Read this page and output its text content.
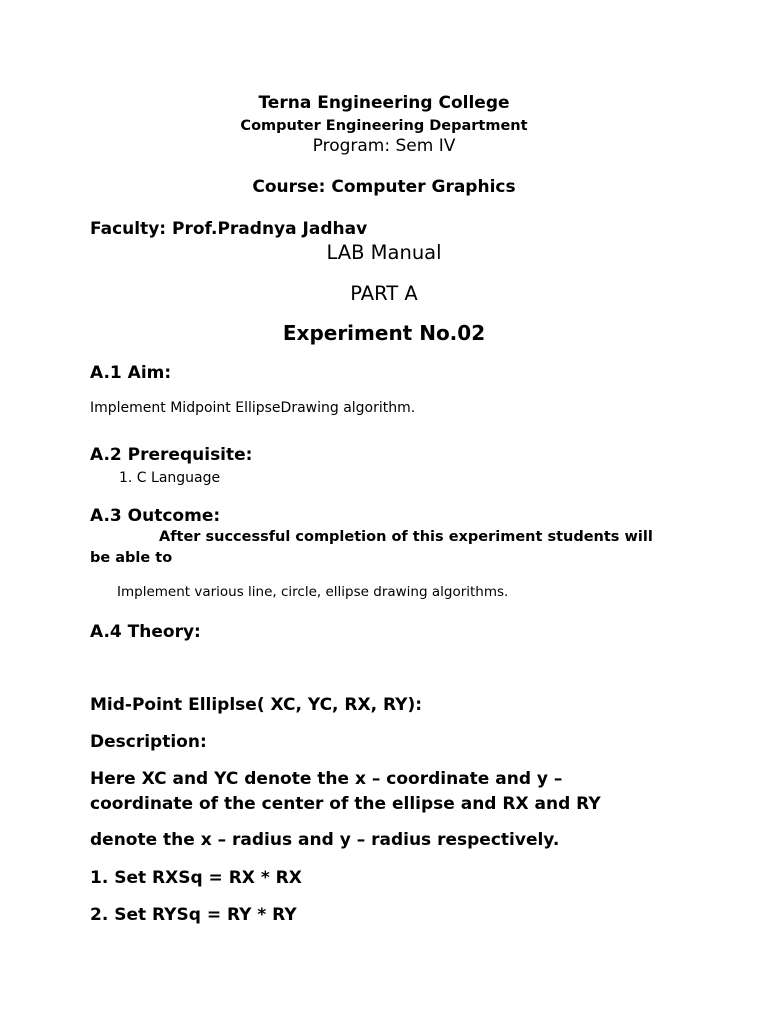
Terna Engineering College
Computer Engineering Department
Program: Sem IV
Course: Computer Graphics
Faculty: Prof.Pradnya Jadhav
LAB Manual
PART A
Experiment No.02
A.1 Aim:
Implement Midpoint EllipseDrawing algorithm.
A.2 Prerequisite:
1. C Language
A.3 Outcome:
After successful completion of this experiment students will
be able to
Implement various line, circle, ellipse drawing algorithms.
A.4 Theory:
Mid-Point Elliplse( XC, YC, RX, RY):
Description:
Here XC and YC denote the x – coordinate and y –
coordinate of the center of the ellipse and RX and RY
denote the x – radius and y – radius respectively.
1. Set RXSq = RX * RX
2. Set RYSq = RY * RY
